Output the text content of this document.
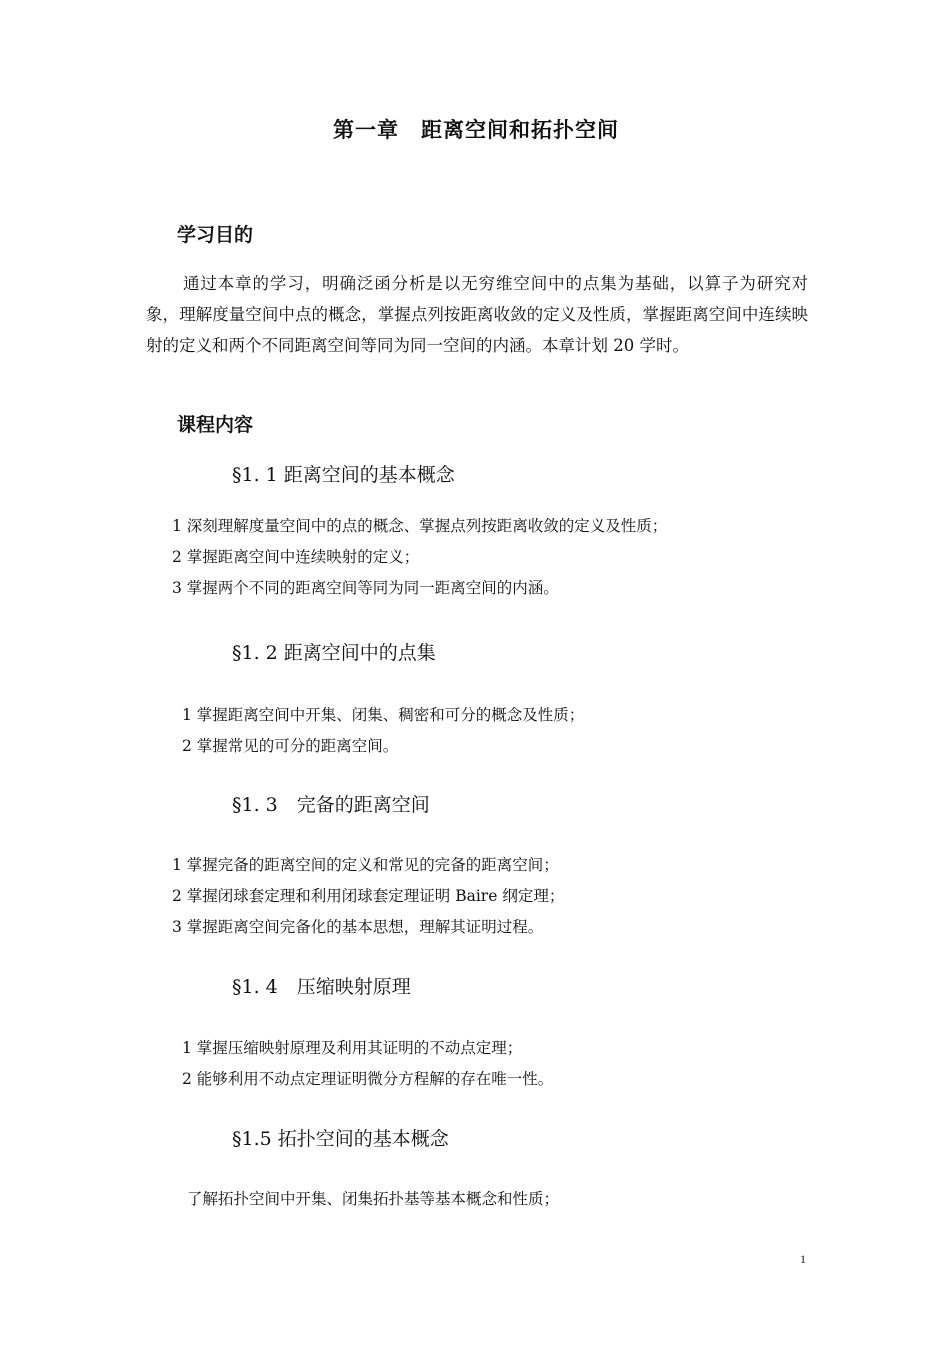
第一章　距离空间和拓扑空间
学习目的
通过本章的学习，明确泛函分析是以无穷维空间中的点集为基础，以算子为研究对象，理解度量空间中点的概念，掌握点列按距离收敛的定义及性质，掌握距离空间中连续映射的定义和两个不同距离空间等同为同一空间的内涵。本章计划 20 学时。
课程内容
§1. 1 距离空间的基本概念
1 深刻理解度量空间中的点的概念、掌握点列按距离收敛的定义及性质；
2 掌握距离空间中连续映射的定义；
3 掌握两个不同的距离空间等同为同一距离空间的内涵。
§1. 2 距离空间中的点集
1 掌握距离空间中开集、闭集、稠密和可分的概念及性质；
2 掌握常见的可分的距离空间。
§1. 3　完备的距离空间
1 掌握完备的距离空间的定义和常见的完备的距离空间；
2 掌握闭球套定理和利用闭球套定理证明 Baire 纲定理；
3 掌握距离空间完备化的基本思想，理解其证明过程。
§1. 4　压缩映射原理
1 掌握压缩映射原理及利用其证明的不动点定理；
2 能够利用不动点定理证明微分方程解的存在唯一性。
§1.5 拓扑空间的基本概念
了解拓扑空间中开集、闭集拓扑基等基本概念和性质；
1
